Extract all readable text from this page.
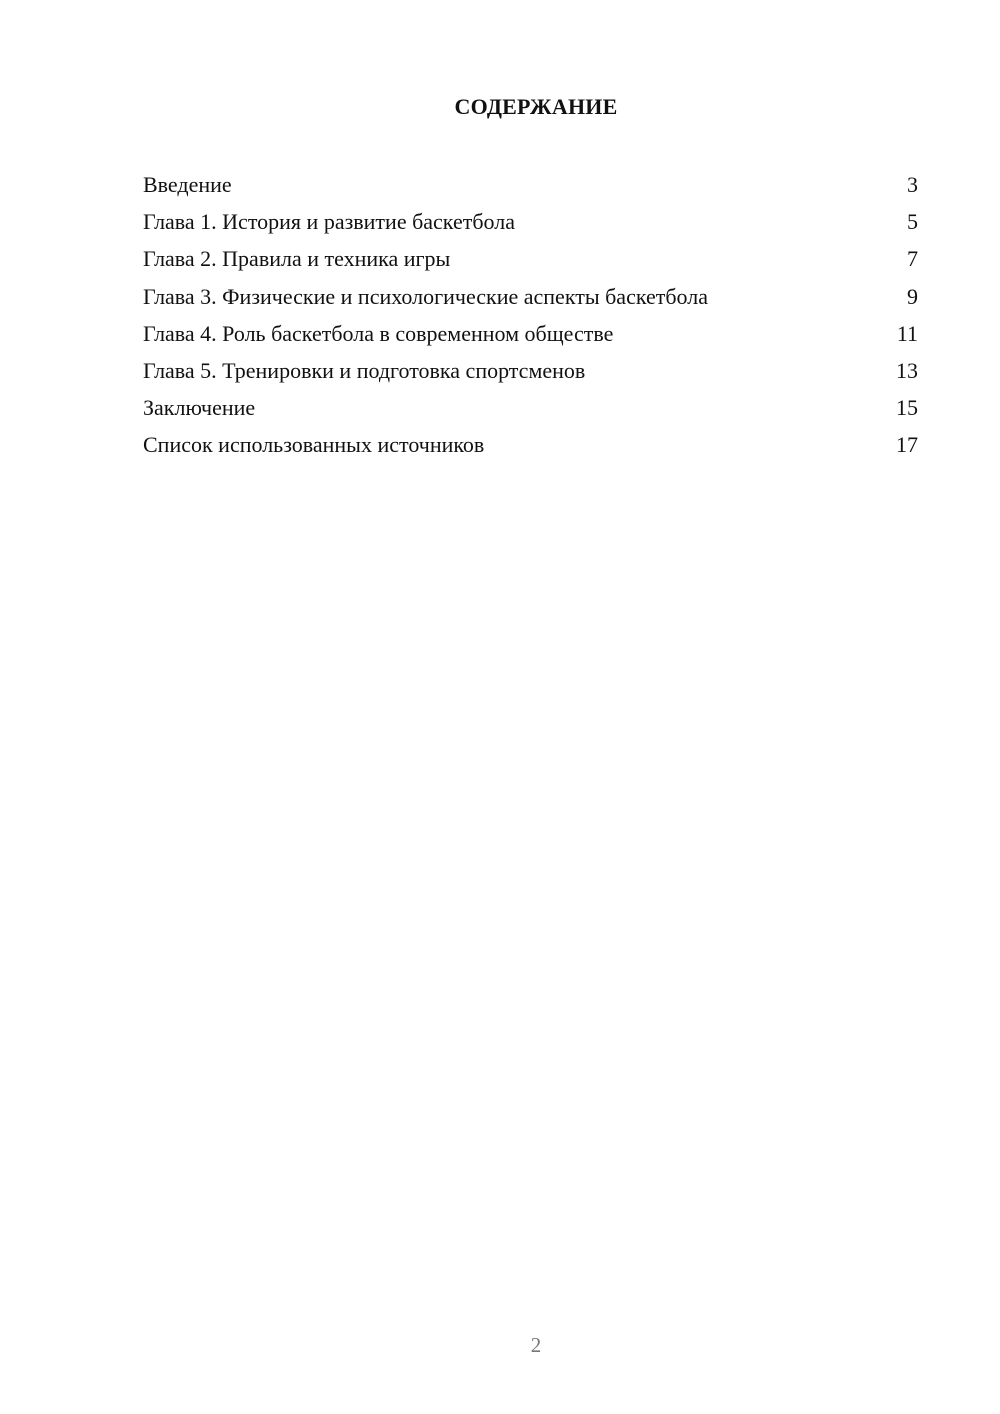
СОДЕРЖАНИЕ
Введение	3
Глава 1. История и развитие баскетбола	5
Глава 2. Правила и техника игры	7
Глава 3. Физические и психологические аспекты баскетбола	9
Глава 4. Роль баскетбола в современном обществе	11
Глава 5. Тренировки и подготовка спортсменов	13
Заключение	15
Список использованных источников	17
2
